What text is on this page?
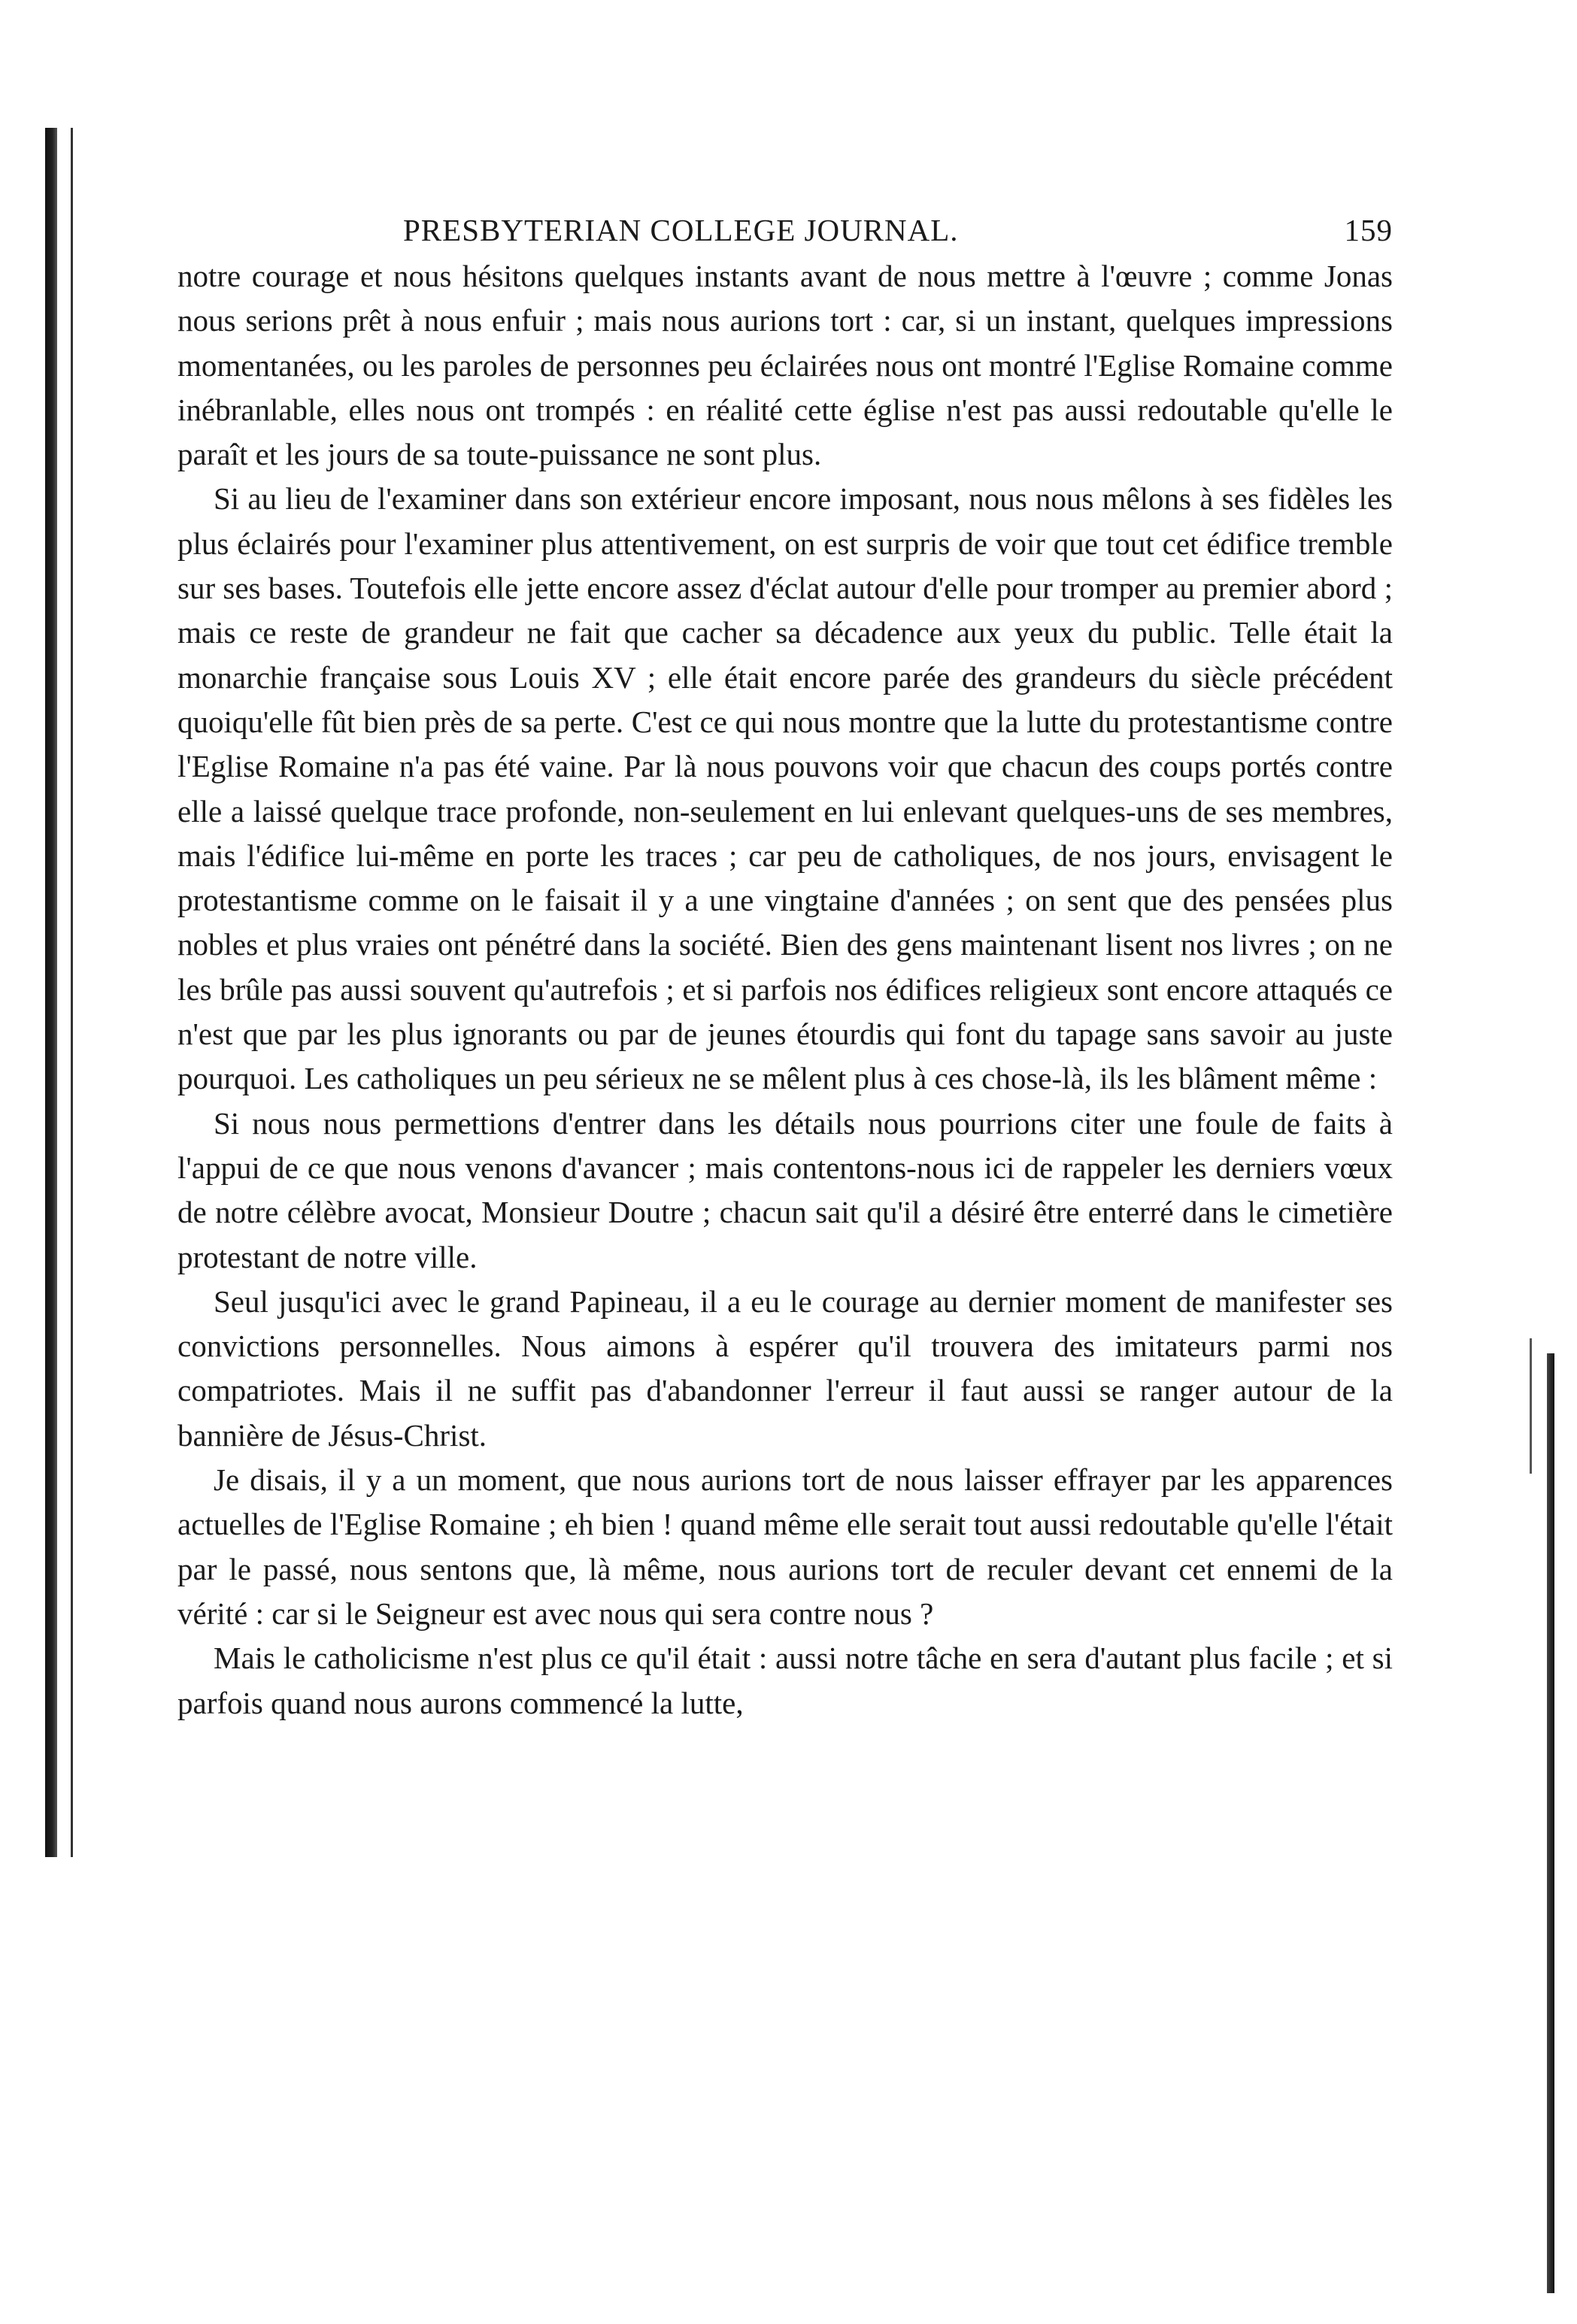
PRESBYTERIAN COLLEGE JOURNAL.	159

notre courage et nous hésitons quelques instants avant de nous mettre à l'œuvre ; comme Jonas nous serions prêt à nous enfuir ; mais nous aurions tort : car, si un instant, quelques impressions momentanées, ou les paroles de personnes peu éclairées nous ont montré l'Eglise Romaine comme inébranlable, elles nous ont trompés : en réalité cette église n'est pas aussi redoutable qu'elle le paraît et les jours de sa toute-puissance ne sont plus.

Si au lieu de l'examiner dans son extérieur encore imposant, nous nous mêlons à ses fidèles les plus éclairés pour l'examiner plus attentivement, on est surpris de voir que tout cet édifice tremble sur ses bases. Toutefois elle jette encore assez d'éclat autour d'elle pour tromper au premier abord ; mais ce reste de grandeur ne fait que cacher sa décadence aux yeux du public. Telle était la monarchie française sous Louis XV ; elle était encore parée des grandeurs du siècle précédent quoiqu'elle fût bien près de sa perte. C'est ce qui nous montre que la lutte du protestantisme contre l'Eglise Romaine n'a pas été vaine. Par là nous pouvons voir que chacun des coups portés contre elle a laissé quelque trace profonde, non-seulement en lui enlevant quelques-uns de ses membres, mais l'édifice lui-même en porte les traces ; car peu de catholiques, de nos jours, envisagent le protestantisme comme on le faisait il y a une vingtaine d'années ; on sent que des pensées plus nobles et plus vraies ont pénétré dans la société. Bien des gens maintenant lisent nos livres ; on ne les brûle pas aussi souvent qu'autrefois ; et si parfois nos édifices religieux sont encore attaqués ce n'est que par les plus ignorants ou par de jeunes étourdis qui font du tapage sans savoir au juste pourquoi. Les catholiques un peu sérieux ne se mêlent plus à ces chose-là, ils les blâment même :

Si nous nous permettions d'entrer dans les détails nous pourrions citer une foule de faits à l'appui de ce que nous venons d'avancer ; mais contentons-nous ici de rappeler les derniers vœux de notre célèbre avocat, Monsieur Doutre ; chacun sait qu'il a désiré être enterré dans le cimetière protestant de notre ville.

Seul jusqu'ici avec le grand Papineau, il a eu le courage au dernier moment de manifester ses convictions personnelles. Nous aimons à espérer qu'il trouvera des imitateurs parmi nos compatriotes. Mais il ne suffit pas d'abandonner l'erreur il faut aussi se ranger autour de la bannière de Jésus-Christ.

Je disais, il y a un moment, que nous aurions tort de nous laisser effrayer par les apparences actuelles de l'Eglise Romaine ; eh bien ! quand même elle serait tout aussi redoutable qu'elle l'était par le passé, nous sentons que, là même, nous aurions tort de reculer devant cet ennemi de la vérité : car si le Seigneur est avec nous qui sera contre nous ?

Mais le catholicisme n'est plus ce qu'il était : aussi notre tâche en sera d'autant plus facile ; et si parfois quand nous aurons commencé la lutte,
